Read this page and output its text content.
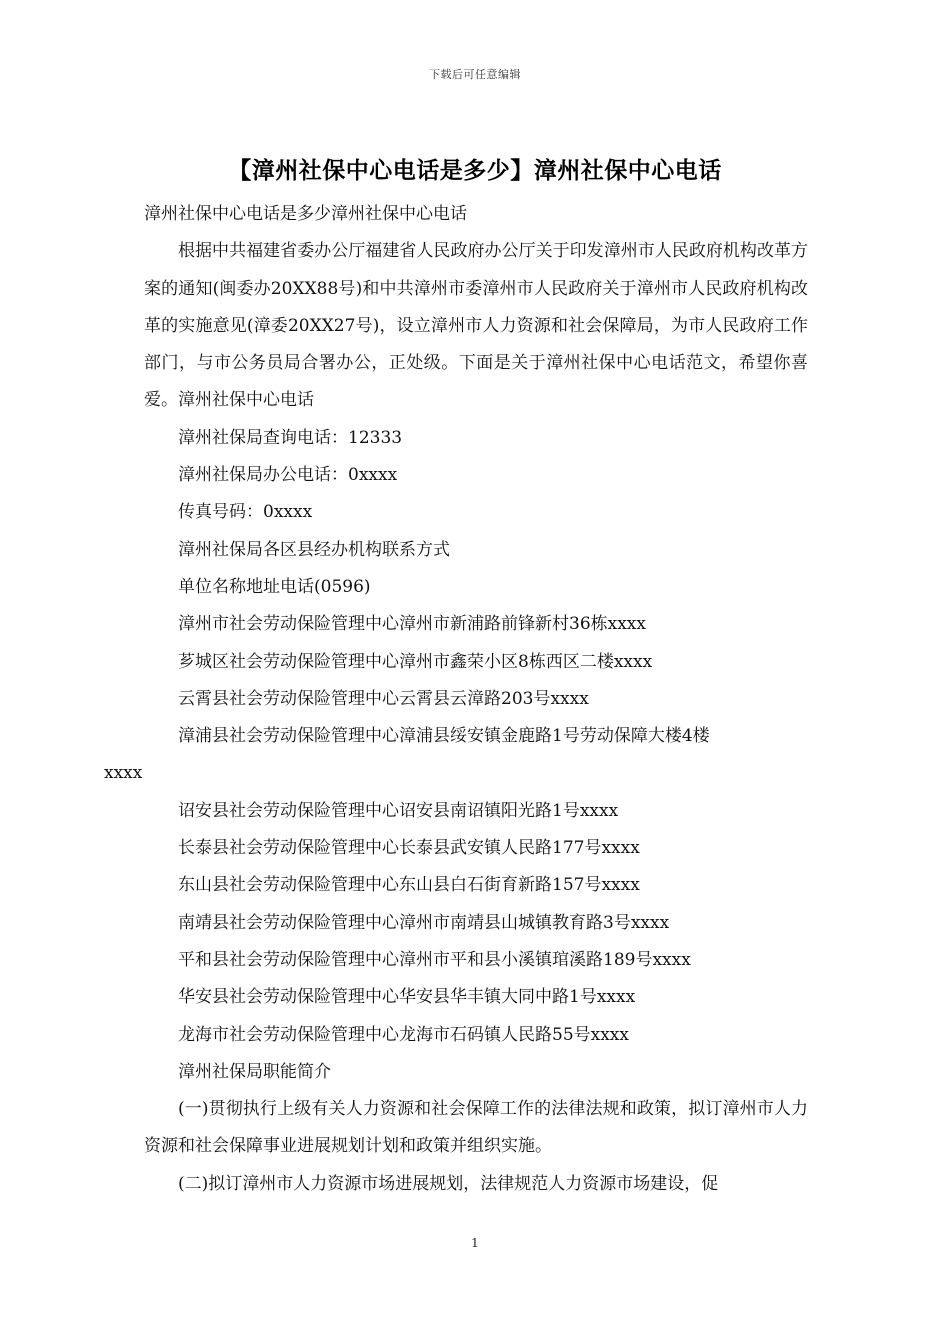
下载后可任意编辑
【漳州社保中心电话是多少】漳州社保中心电话

漳州社保中心电话是多少漳州社保中心电话

根据中共福建省委办公厅福建省人民政府办公厅关于印发漳州市人民政府机构改革方案的通知(闽委办20XX88号)和中共漳州市委漳州市人民政府关于漳州市人民政府机构改革的实施意见(漳委20XX27号)，设立漳州市人力资源和社会保障局，为市人民政府工作部门，与市公务员局合署办公，正处级。下面是关于漳州社保中心电话范文，希望你喜爱。漳州社保中心电话

漳州社保局查询电话：12333

漳州社保局办公电话：0xxxx

传真号码：0xxxx

漳州社保局各区县经办机构联系方式

单位名称地址电话(0596)

漳州市社会劳动保险管理中心漳州市新浦路前锋新村36栋xxxx

芗城区社会劳动保险管理中心漳州市鑫荣小区8栋西区二楼xxxx

云霄县社会劳动保险管理中心云霄县云漳路203号xxxx

漳浦县社会劳动保险管理中心漳浦县绥安镇金鹿路1号劳动保障大楼4楼
xxxx

诏安县社会劳动保险管理中心诏安县南诏镇阳光路1号xxxx

长泰县社会劳动保险管理中心长泰县武安镇人民路177号xxxx

东山县社会劳动保险管理中心东山县白石街育新路157号xxxx

南靖县社会劳动保险管理中心漳州市南靖县山城镇教育路3号xxxx

平和县社会劳动保险管理中心漳州市平和县小溪镇琯溪路189号xxxx

华安县社会劳动保险管理中心华安县华丰镇大同中路1号xxxx

龙海市社会劳动保险管理中心龙海市石码镇人民路55号xxxx

漳州社保局职能简介

(一)贯彻执行上级有关人力资源和社会保障工作的法律法规和政策，拟订漳州市人力资源和社会保障事业进展规划计划和政策并组织实施。

(二)拟订漳州市人力资源市场进展规划，法律规范人力资源市场建设，促

1
